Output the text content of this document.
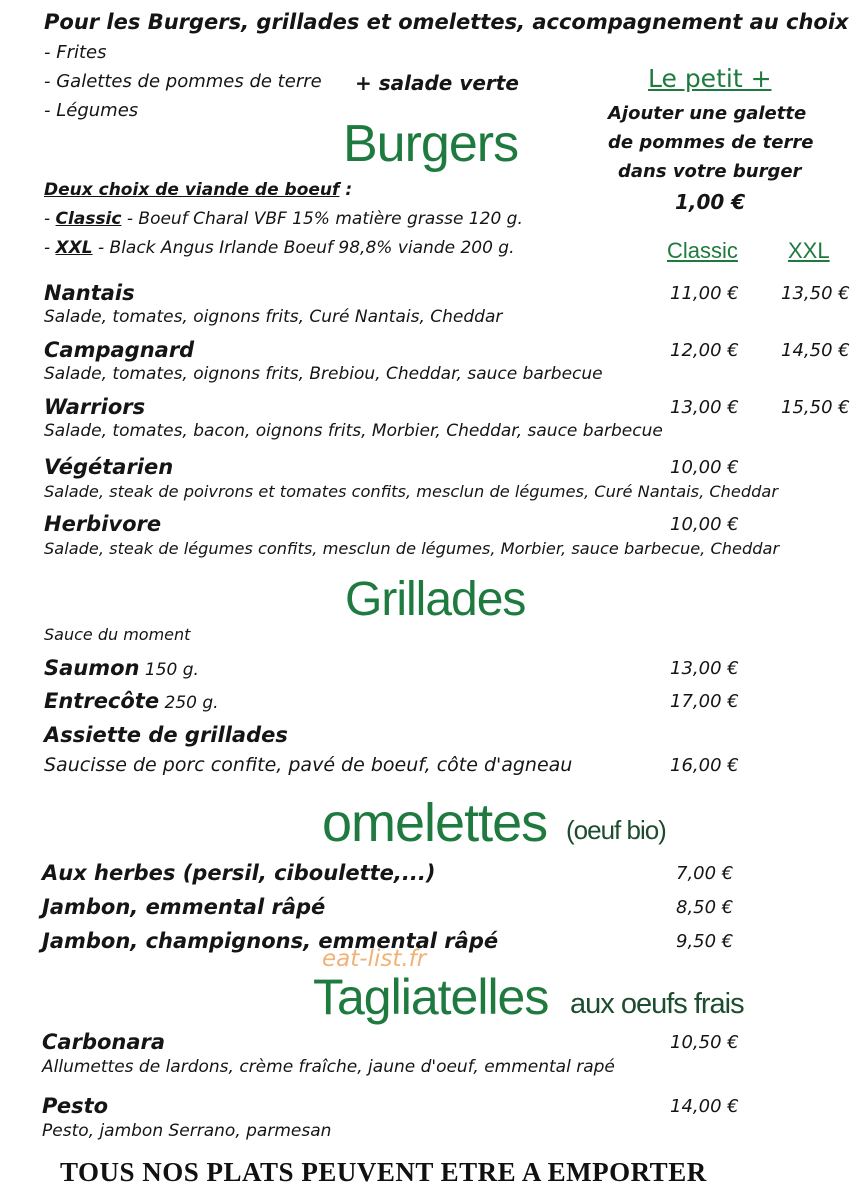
Pour les Burgers, grillades et omelettes, accompagnement au choix
- Frites
- Galettes de pommes de terre + salade verte
- Légumes
Le petit +
Ajouter une galette
de pommes de terre
dans votre burger
1,00 €
Burgers
Deux choix de viande de boeuf :
- Classic - Boeuf Charal VBF 15% matière grasse 120 g.
- XXL - Black Angus Irlande Boeuf 98,8% viande 200 g.	Classic XXL
Nantais	11,00 € 13,50 €
Salade, tomates, oignons frits, Curé Nantais, Cheddar
Campagnard	12,00 € 14,50 €
Salade, tomates, oignons frits, Brebiou, Cheddar, sauce barbecue
Warriors	13,00 € 15,50 €
Salade, tomates, bacon, oignons frits, Morbier, Cheddar, sauce barbecue
Végétarien	10,00 €
Salade, steak de poivrons et tomates confits, mesclun de légumes, Curé Nantais, Cheddar
Herbivore	10,00 €
Salade, steak de légumes confits, mesclun de légumes, Morbier, sauce barbecue, Cheddar
Grillades
Sauce du moment
Saumon 150 g.	13,00 €
Entrecôte 250 g.	17,00 €
Assiette de grillades
Saucisse de porc confite, pavé de boeuf, côte d'agneau	16,00 €
omelettes (oeuf bio)
Aux herbes (persil, ciboulette,...)	7,00 €
Jambon, emmental râpé	8,50 €
Jambon, champignons, emmental râpé	9,50 €
eat-list.fr
Tagliatelles aux oeufs frais
Carbonara	10,50 €
Allumettes de lardons, crème fraîche, jaune d'oeuf, emmental rapé
Pesto	14,00 €
Pesto, jambon Serrano, parmesan
TOUS NOS PLATS PEUVENT ETRE A EMPORTER
